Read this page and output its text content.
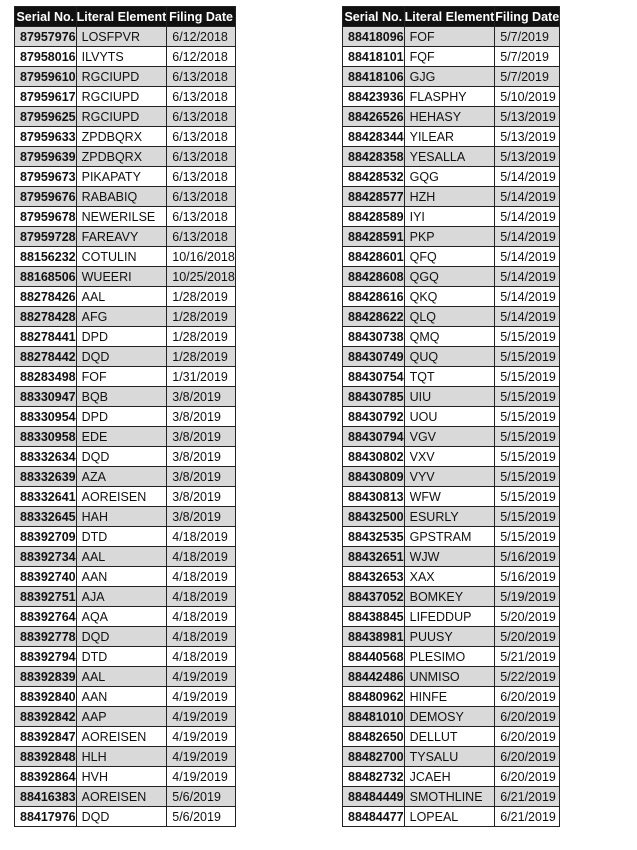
Serial No.	Literal Element	Filing Date
87957976	LOSFPVR	6/12/2018
87958016	ILVYTS	6/12/2018
87959610	RGCIUPD	6/13/2018
87959617	RGCIUPD	6/13/2018
87959625	RGCIUPD	6/13/2018
87959633	ZPDBQRX	6/13/2018
87959639	ZPDBQRX	6/13/2018
87959673	PIKAPATY	6/13/2018
87959676	RABABIQ	6/13/2018
87959678	NEWERILSE	6/13/2018
87959728	FAREAVY	6/13/2018
88156232	COTULIN	10/16/2018
88168506	WUEERI	10/25/2018
88278426	AAL	1/28/2019
88278428	AFG	1/28/2019
88278441	DPD	1/28/2019
88278442	DQD	1/28/2019
88283498	FOF	1/31/2019
88330947	BQB	3/8/2019
88330954	DPD	3/8/2019
88330958	EDE	3/8/2019
88332634	DQD	3/8/2019
88332639	AZA	3/8/2019
88332641	AOREISEN	3/8/2019
88332645	HAH	3/8/2019
88392709	DTD	4/18/2019
88392734	AAL	4/18/2019
88392740	AAN	4/18/2019
88392751	AJA	4/18/2019
88392764	AQA	4/18/2019
88392778	DQD	4/18/2019
88392794	DTD	4/18/2019
88392839	AAL	4/19/2019
88392840	AAN	4/19/2019
88392842	AAP	4/19/2019
88392847	AOREISEN	4/19/2019
88392848	HLH	4/19/2019
88392864	HVH	4/19/2019
88416383	AOREISEN	5/6/2019
88417976	DQD	5/6/2019
Serial No.	Literal Element	Filing Date
88418096	FOF	5/7/2019
88418101	FQF	5/7/2019
88418106	GJG	5/7/2019
88423936	FLASPHY	5/10/2019
88426526	HEHASY	5/13/2019
88428344	YILEAR	5/13/2019
88428358	YESALLA	5/13/2019
88428532	GQG	5/14/2019
88428577	HZH	5/14/2019
88428589	IYI	5/14/2019
88428591	PKP	5/14/2019
88428601	QFQ	5/14/2019
88428608	QGQ	5/14/2019
88428616	QKQ	5/14/2019
88428622	QLQ	5/14/2019
88430738	QMQ	5/15/2019
88430749	QUQ	5/15/2019
88430754	TQT	5/15/2019
88430785	UIU	5/15/2019
88430792	UOU	5/15/2019
88430794	VGV	5/15/2019
88430802	VXV	5/15/2019
88430809	VYV	5/15/2019
88430813	WFW	5/15/2019
88432500	ESURLY	5/15/2019
88432535	GPSTRAM	5/15/2019
88432651	WJW	5/16/2019
88432653	XAX	5/16/2019
88437052	BOMKEY	5/19/2019
88438845	LIFEDDUP	5/20/2019
88438981	PUUSY	5/20/2019
88440568	PLESIMO	5/21/2019
88442486	UNMISO	5/22/2019
88480962	HINFE	6/20/2019
88481010	DEMOSY	6/20/2019
88482650	DELLUT	6/20/2019
88482700	TYSALU	6/20/2019
88482732	JCAEH	6/20/2019
88484449	SMOTHLINE	6/21/2019
88484477	LOPEAL	6/21/2019
